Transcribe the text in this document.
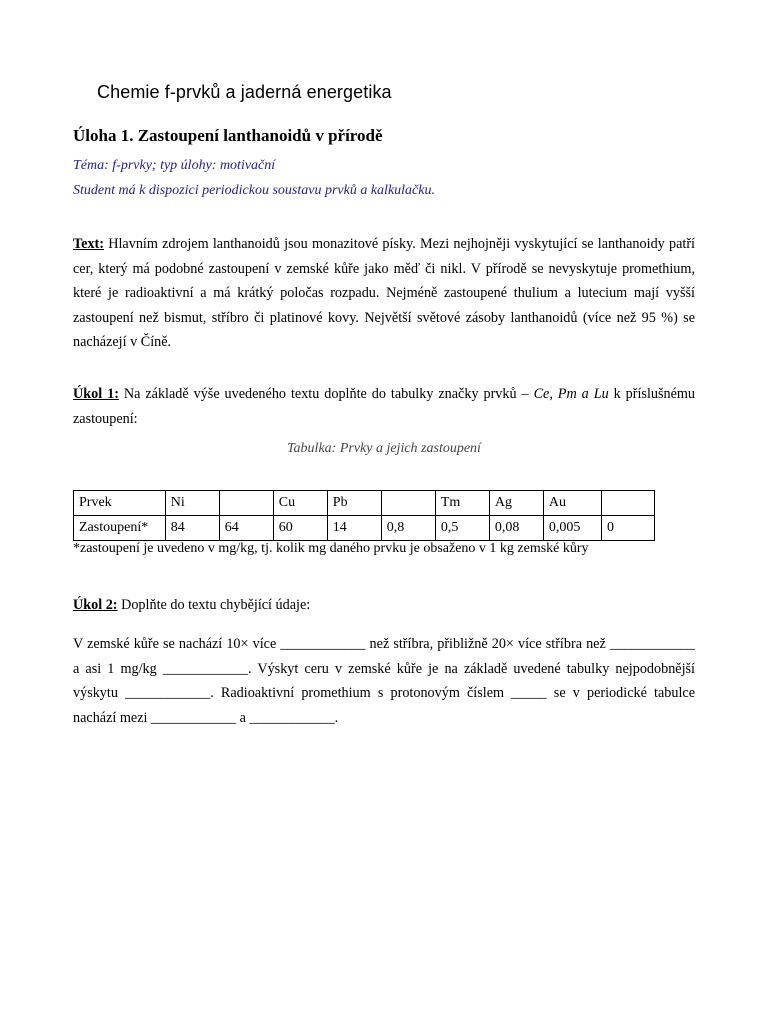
Chemie f-prvků a jaderná energetika
Úloha 1. Zastoupení lanthanoidů v přírodě

Téma: f-prvky; typ úlohy: motivační

Student má k dispozici periodickou soustavu prvků a kalkulačku.

Text: Hlavním zdrojem lanthanoidů jsou monazitové písky. Mezi nejhojněji vyskytující se lanthanoidy patří cer, který má podobné zastoupení v zemské kůře jako měď či nikl. V přírodě se nevyskytuje promethium, které je radioaktivní a má krátký poločas rozpadu. Nejméně zastoupené thulium a lutecium mají vyšší zastoupení než bismut, stříbro či platinové kovy. Největší světové zásoby lanthanoidů (více než 95 %) se nacházejí v Číně.

Úkol 1: Na základě výše uvedeného textu doplňte do tabulky značky prvků – Ce, Pm a Lu k příslušnému zastoupení:

Tabulka: Prvky a jejich zastoupení

Prvek	Ni		Cu	Pb		Tm	Ag	Au	
Zastoupení*	84	64	60	14	0,8	0,5	0,08	0,005	0

*zastoupení je uvedeno v mg/kg, tj. kolik mg daného prvku je obsaženo v 1 kg zemské kůry

Úkol 2: Doplňte do textu chybějící údaje:

V zemské kůře se nachází 10× více ____________ než stříbra, přibližně 20× více stříbra než ____________ a asi 1 mg/kg ____________. Výskyt ceru v zemské kůře je na základě uvedené tabulky nejpodobnější výskytu ____________. Radioaktivní promethium s protonovým číslem _____ se v periodické tabulce nachází mezi ____________ a ____________.
